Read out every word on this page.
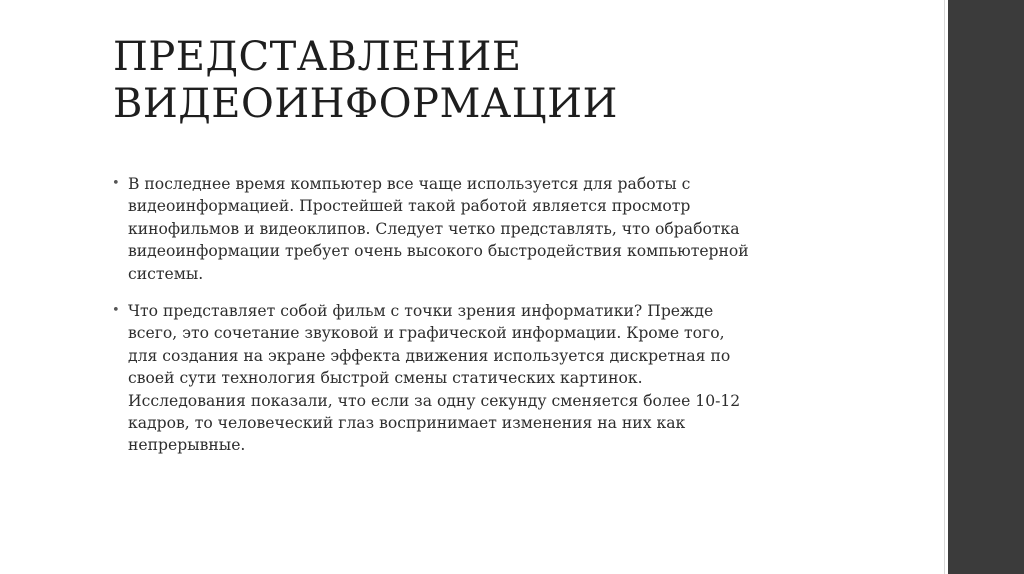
ПРЕДСТАВЛЕНИЕ
ВИДЕОИНФОРМАЦИИ
• В последнее время компьютер все чаще используется для работы с
видеоинформацией. Простейшей такой работой является просмотр
кинофильмов и видеоклипов. Следует четко представлять, что обработка
видеоинформации требует очень высокого быстродействия компьютерной
системы.
• Что представляет собой фильм с точки зрения информатики? Прежде
всего, это сочетание звуковой и графической информации. Кроме того,
для создания на экране эффекта движения используется дискретная по
своей сути технология быстрой смены статических картинок.
Исследования показали, что если за одну секунду сменяется более 10-12
кадров, то человеческий глаз воспринимает изменения на них как
непрерывные.
